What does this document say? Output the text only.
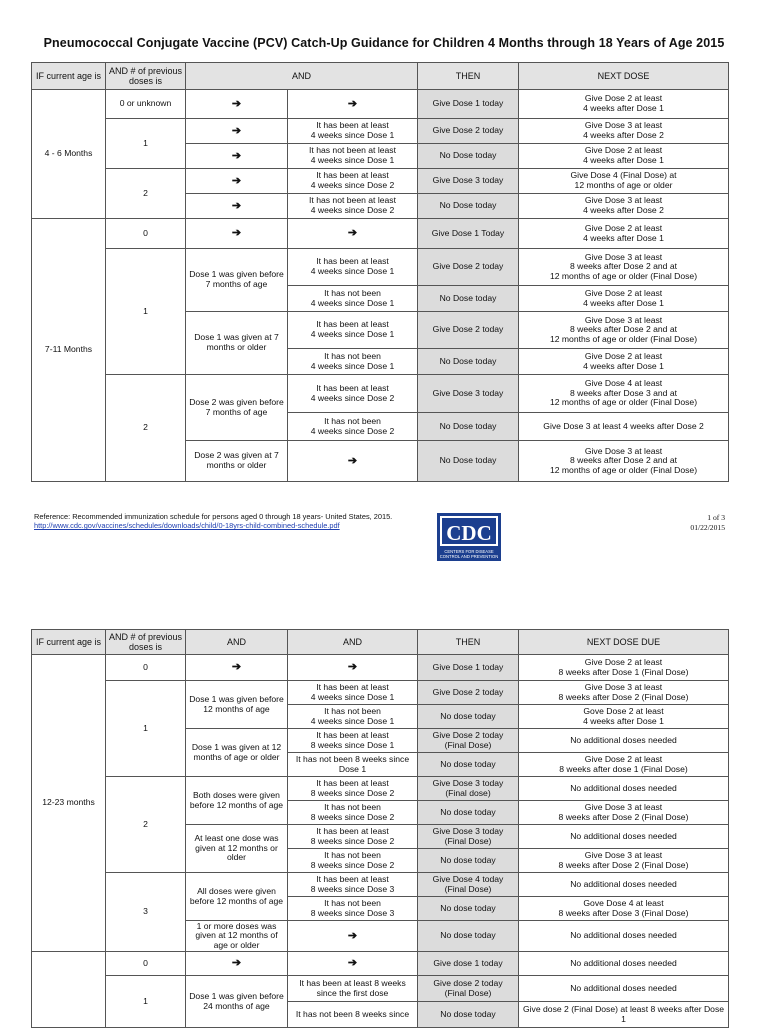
Pneumococcal Conjugate Vaccine (PCV) Catch-Up Guidance for Children 4 Months through 18 Years of Age 2015
IF current age is	AND # of previous doses is	AND		THEN	NEXT DOSE
4 - 6 Months	0 or unknown	➔	➔	Give Dose 1 today	Give Dose 2 at least
4 weeks after Dose 1
	1	➔	It has been at least
4 weeks since Dose 1	Give Dose 2 today	Give Dose 3 at least
4 weeks after Dose 2
		➔	It has not been at least
4 weeks since Dose 1	No Dose today	Give Dose 2 at least
4 weeks after Dose 1
	2	➔	It has been at least
4 weeks since Dose 2	Give Dose 3 today	Give Dose 4 (Final Dose) at
12 months of age or older
		➔	It has not been at least
4 weeks since Dose 2	No Dose today	Give Dose 3 at least
4 weeks after Dose 2
7-11 Months	0	➔	➔	Give Dose 1 Today	Give Dose 2 at least
4 weeks after Dose 1
	1	Dose 1 was given before 7 months of age	It has been at least
4 weeks since Dose 1	Give Dose 2 today	Give Dose 3 at least
8 weeks after Dose 2 and at
12 months of age or older (Final Dose)
			It has not been
4 weeks since Dose 1	No Dose today	Give Dose 2 at least
4 weeks after Dose 1
		Dose 1 was given at 7 months or older	It has been at least
4 weeks since Dose 1	Give Dose 2 today	Give Dose 3 at least
8 weeks after Dose 2 and at
12 months of age or older (Final Dose)
			It has not been
4 weeks since Dose 1	No Dose today	Give Dose 2 at least
4 weeks after Dose 1
	2	Dose 2 was given before 7 months of age	It has been at least
4 weeks since Dose 2	Give Dose 3 today	Give Dose 4 at least
8 weeks after Dose 3 and at
12 months of age or older (Final Dose)
			It has not been
4 weeks since Dose 2	No Dose today	Give Dose 3 at least 4 weeks after Dose 2
		Dose 2 was given at 7 months or older	➔	No Dose today	Give Dose 3 at least
8 weeks after Dose 2 and at
12 months of age or older (Final Dose)
Reference: Recommended immunization schedule for persons aged 0 through 18 years- United States, 2015.
http://www.cdc.gov/vaccines/schedules/downloads/child/0-18yrs-child-combined-schedule.pdf	CDC
CENTERS FOR DISEASE
CONTROL AND PREVENTION
1 of 3
01/22/2015
IF current age is	AND # of previous doses is	AND	AND	THEN	NEXT DOSE DUE
12-23 months	0	➔	➔	Give Dose 1 today	Give Dose 2 at least
8 weeks after Dose 1 (Final Dose)
	1	Dose 1 was given before 12 months of age	It has been at least
4 weeks since Dose 1	Give Dose 2 today	Give Dose 3 at least
8 weeks after Dose 2 (Final Dose)
			It has not been
4 weeks since Dose 1	No dose today	Gove Dose 2 at least
4 weeks after Dose 1
		Dose 1 was given at 12 months of age or older	It has been at least
8 weeks since Dose 1	Give Dose 2 today
(Final Dose)	No additional doses needed
			It has not been 8 weeks since
Dose 1	No dose today	Give Dose 2 at least
8 weeks after dose 1 (Final Dose)
	2	Both doses were given before 12 months of age	It has been at least
8 weeks since Dose 2	Give Dose 3 today
(Final dose)	No additional doses needed
			It has not been
8 weeks since Dose 2	No dose today	Give Dose 3 at least
8 weeks after Dose 2 (Final Dose)
		At least one dose was given at 12 months or older	It has been at least
8 weeks since Dose 2	Give Dose 3 today
(Final Dose)	No additional doses needed
			It has not been
8 weeks since Dose 2	No dose today	Give Dose 3 at least
8 weeks after Dose 2 (Final Dose)
	3	All doses were given before 12 months of age	It has been at least
8 weeks since Dose 3	Give Dose 4 today
(Final Dose)	No additional doses needed
			It has not been
8 weeks since Dose 3	No dose today	Gove Dose 4 at least
8 weeks after Dose 3 (Final Dose)
		1 or more doses was given at 12 months of age or older	➔	No dose today	No additional doses needed
	0	➔	➔	Give dose 1 today	No additional doses needed
	1	Dose 1 was given before 24 months of age	It has been at least 8 weeks
since the first dose	Give dose 2 today
(Final Dose)	No additional doses needed
			It has not been 8 weeks since	No dose today	Give dose 2 (Final Dose) at least 8 weeks after Dose 1
